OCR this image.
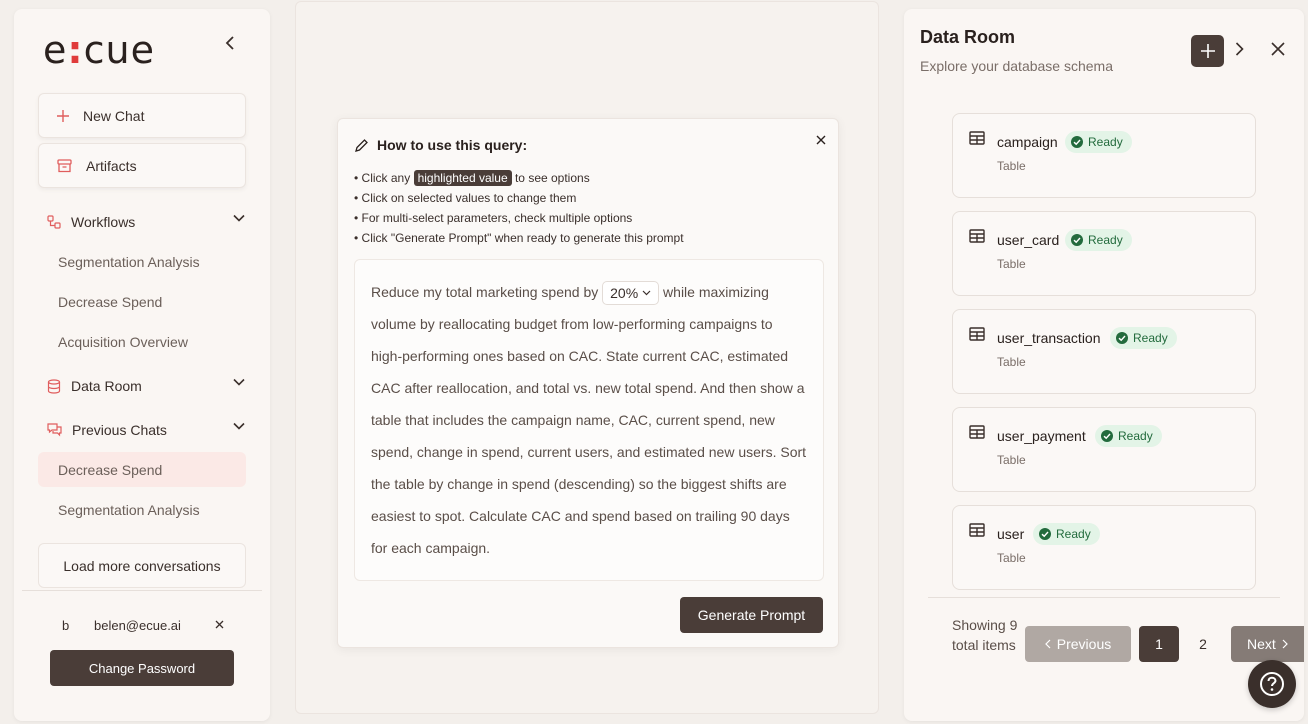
e:cue
New Chat
Artifacts
Workflows
Segmentation Analysis
Decrease Spend
Acquisition Overview
Data Room
Previous Chats
Decrease Spend
Segmentation Analysis
Load more conversations
b belen@ecue.ai
Change Password
How to use this query:
• Click any highlighted value to see options
• Click on selected values to change them
• For multi-select parameters, check multiple options
• Click "Generate Prompt" when ready to generate this prompt
Reduce my total marketing spend by 20% while maximizing volume by reallocating budget from low-performing campaigns to high-performing ones based on CAC. State current CAC, estimated CAC after reallocation, and total vs. new total spend. And then show a table that includes the campaign name, CAC, current spend, new spend, change in spend, current users, and estimated new users. Sort the table by change in spend (descending) so the biggest shifts are easiest to spot. Calculate CAC and spend based on trailing 90 days for each campaign.
Generate Prompt
Data Room
Explore your database schema
campaign	Ready
Table
user_card Ready
Table
user_transaction	Ready
Table
user_payment	Ready
Table
user	Ready
Table
Showing 9 total items	Previous	1	2	Next
